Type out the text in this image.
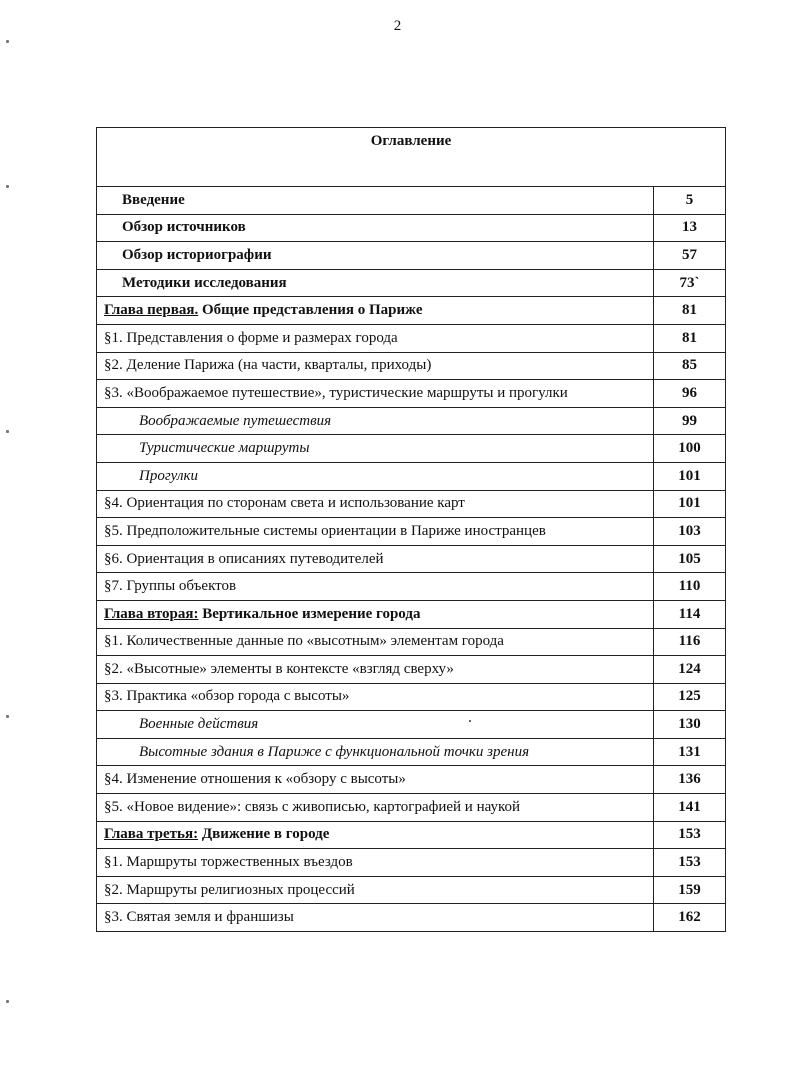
2
Оглавление	
Введение	5
Обзор источников	13
Обзор историографии	57
Методики исследования	73`
Глава первая. Общие представления о Париже	81
§1. Представления о форме и размерах города	81
§2. Деление Парижа (на части, кварталы, приходы)	85
§3. «Воображаемое путешествие», туристические маршруты и прогулки	96
Воображаемые путешествия	99
Туристические маршруты	100
Прогулки	101
§4. Ориентация по сторонам света и использование карт	101
§5. Предположительные системы ориентации в Париже иностранцев	103
§6. Ориентация в описаниях путеводителей	105
§7. Группы объектов	110
Глава вторая: Вертикальное измерение города	114
§1. Количественные данные по «высотным» элементам города	116
§2. «Высотные» элементы в контексте «взгляд сверху»	124
§3. Практика «обзор города с высоты»	125
Военные действия	130
Высотные здания в Париже с функциональной точки зрения	131
§4. Изменение отношения к «обзору с высоты»	136
§5. «Новое видение»: связь с живописью, картографией и наукой	141
Глава третья: Движение в городе	153
§1. Маршруты торжественных въездов	153
§2. Маршруты религиозных процессий	159
§3. Святая земля и франшизы	162
